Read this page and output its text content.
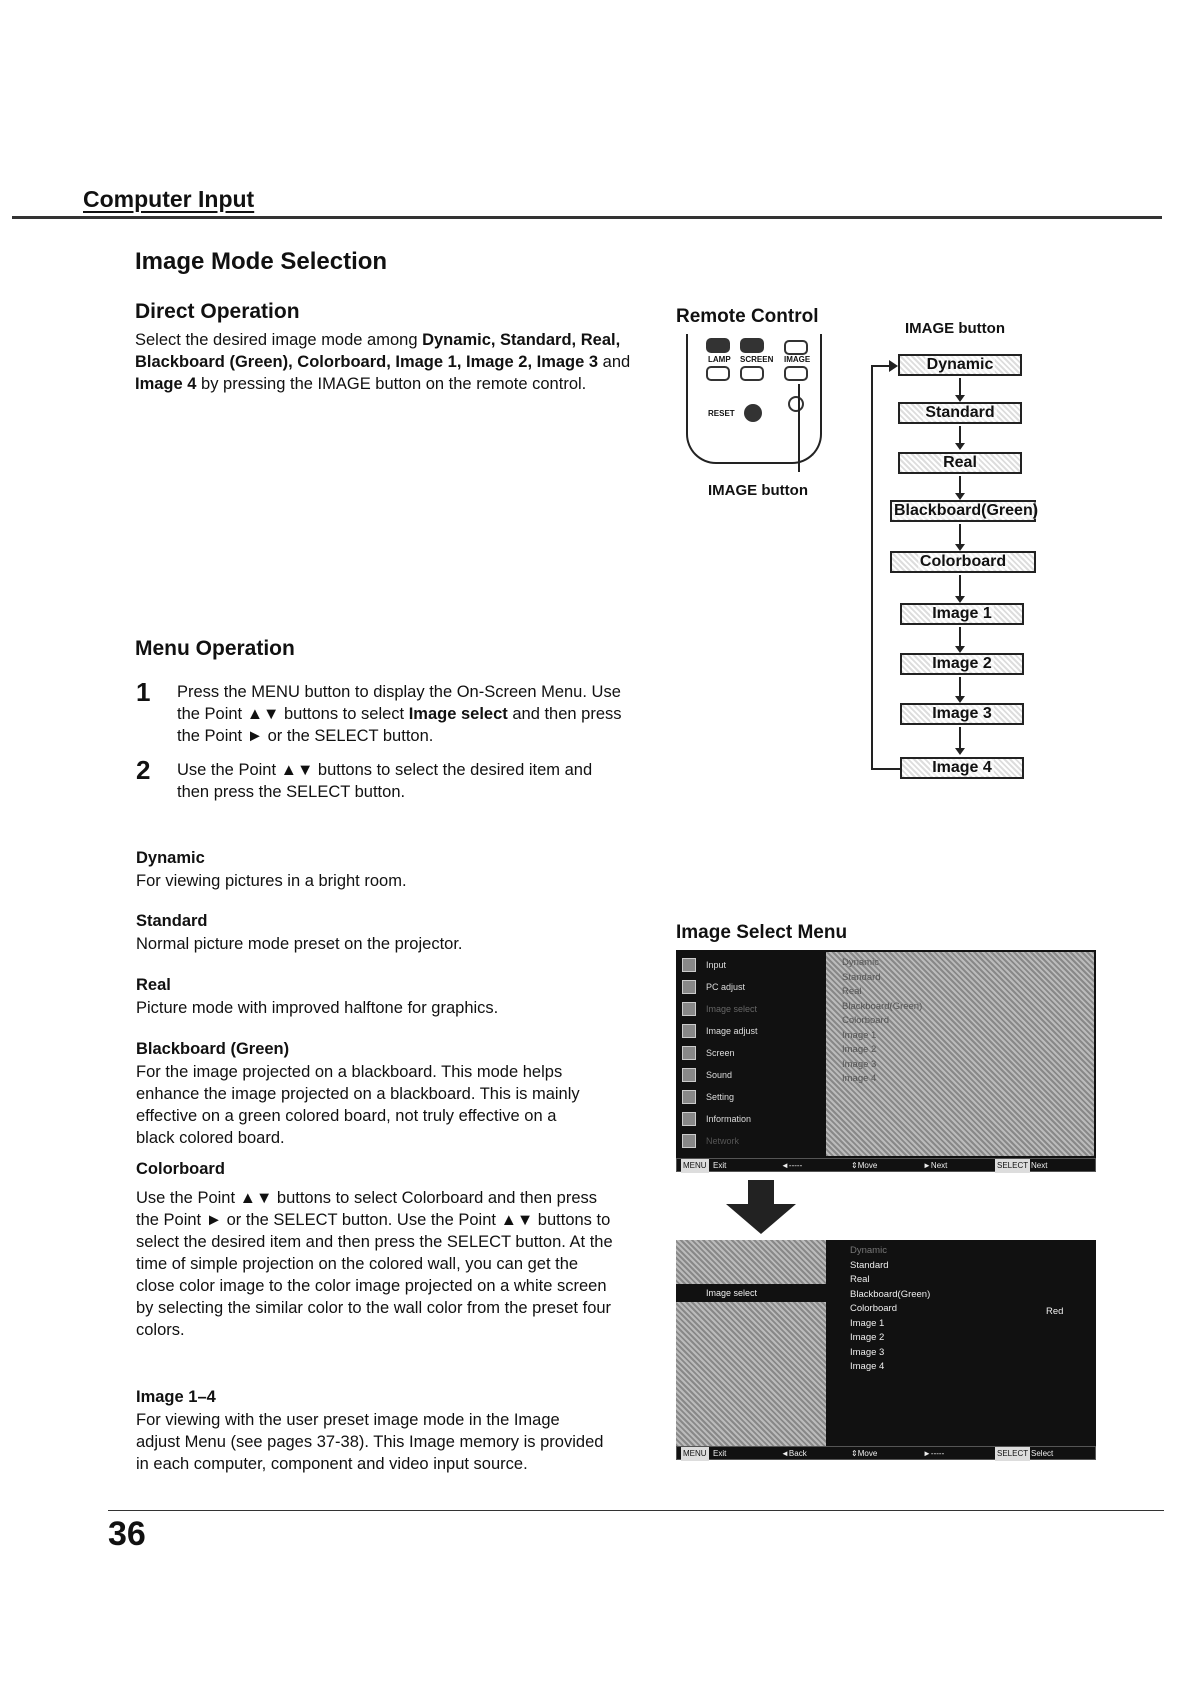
Computer Input
Image Mode Selection
Direct Operation
Select the desired image mode among Dynamic, Standard, Real, Blackboard (Green), Colorboard, Image 1, Image 2, Image 3 and Image 4 by pressing the IMAGE button on the remote control.
Remote Control
LAMP SCREEN IMAGE
RESET
IMAGE button
IMAGE button
Dynamic
Standard
Real
Blackboard(Green)
Colorboard
Image 1
Image 2
Image 3
Image 4
Menu Operation
1 Press the MENU button to display the On-Screen Menu. Use the Point ▲▼ buttons to select Image select and then press the Point ► or the SELECT button.
2 Use the Point ▲▼ buttons to select the desired item and then press the SELECT button.
Dynamic
For viewing pictures in a bright room.
Standard
Normal picture mode preset on the projector.
Real
Picture mode with improved halftone for graphics.
Blackboard (Green)
For the image projected on a blackboard. This mode helps enhance the image projected on a blackboard. This is mainly effective on a green colored board, not truly effective on a black colored board.
Colorboard
Use the Point ▲▼ buttons to select Colorboard and then press the Point ► or the SELECT button. Use the Point ▲▼ buttons to select the desired item and then press the SELECT button. At the time of simple projection on the colored wall, you can get the close color image to the color image projected on a white screen by selecting the similar color to the wall color from the preset four colors.
Image 1–4
For viewing with the user preset image mode in the Image adjust Menu (see pages 37-38). This Image memory is provided in each computer, component and video input source.
Image Select Menu
Input
PC adjust
Image select
Image adjust
Screen
Sound
Setting
Information
Network
Dynamic
Standard
Real
Blackboard(Green)
Colorboard
Image 1
Image 2
Image 3
Image 4
MENU Exit	◄-----	⇕Move	►Next	SELECT Next
Image select
Dynamic
Standard
Real
Blackboard(Green)
Colorboard
Image 1
Image 2
Image 3
Image 4
Red
MENU Exit	◄Back	⇕Move	►-----	SELECT Select
36
